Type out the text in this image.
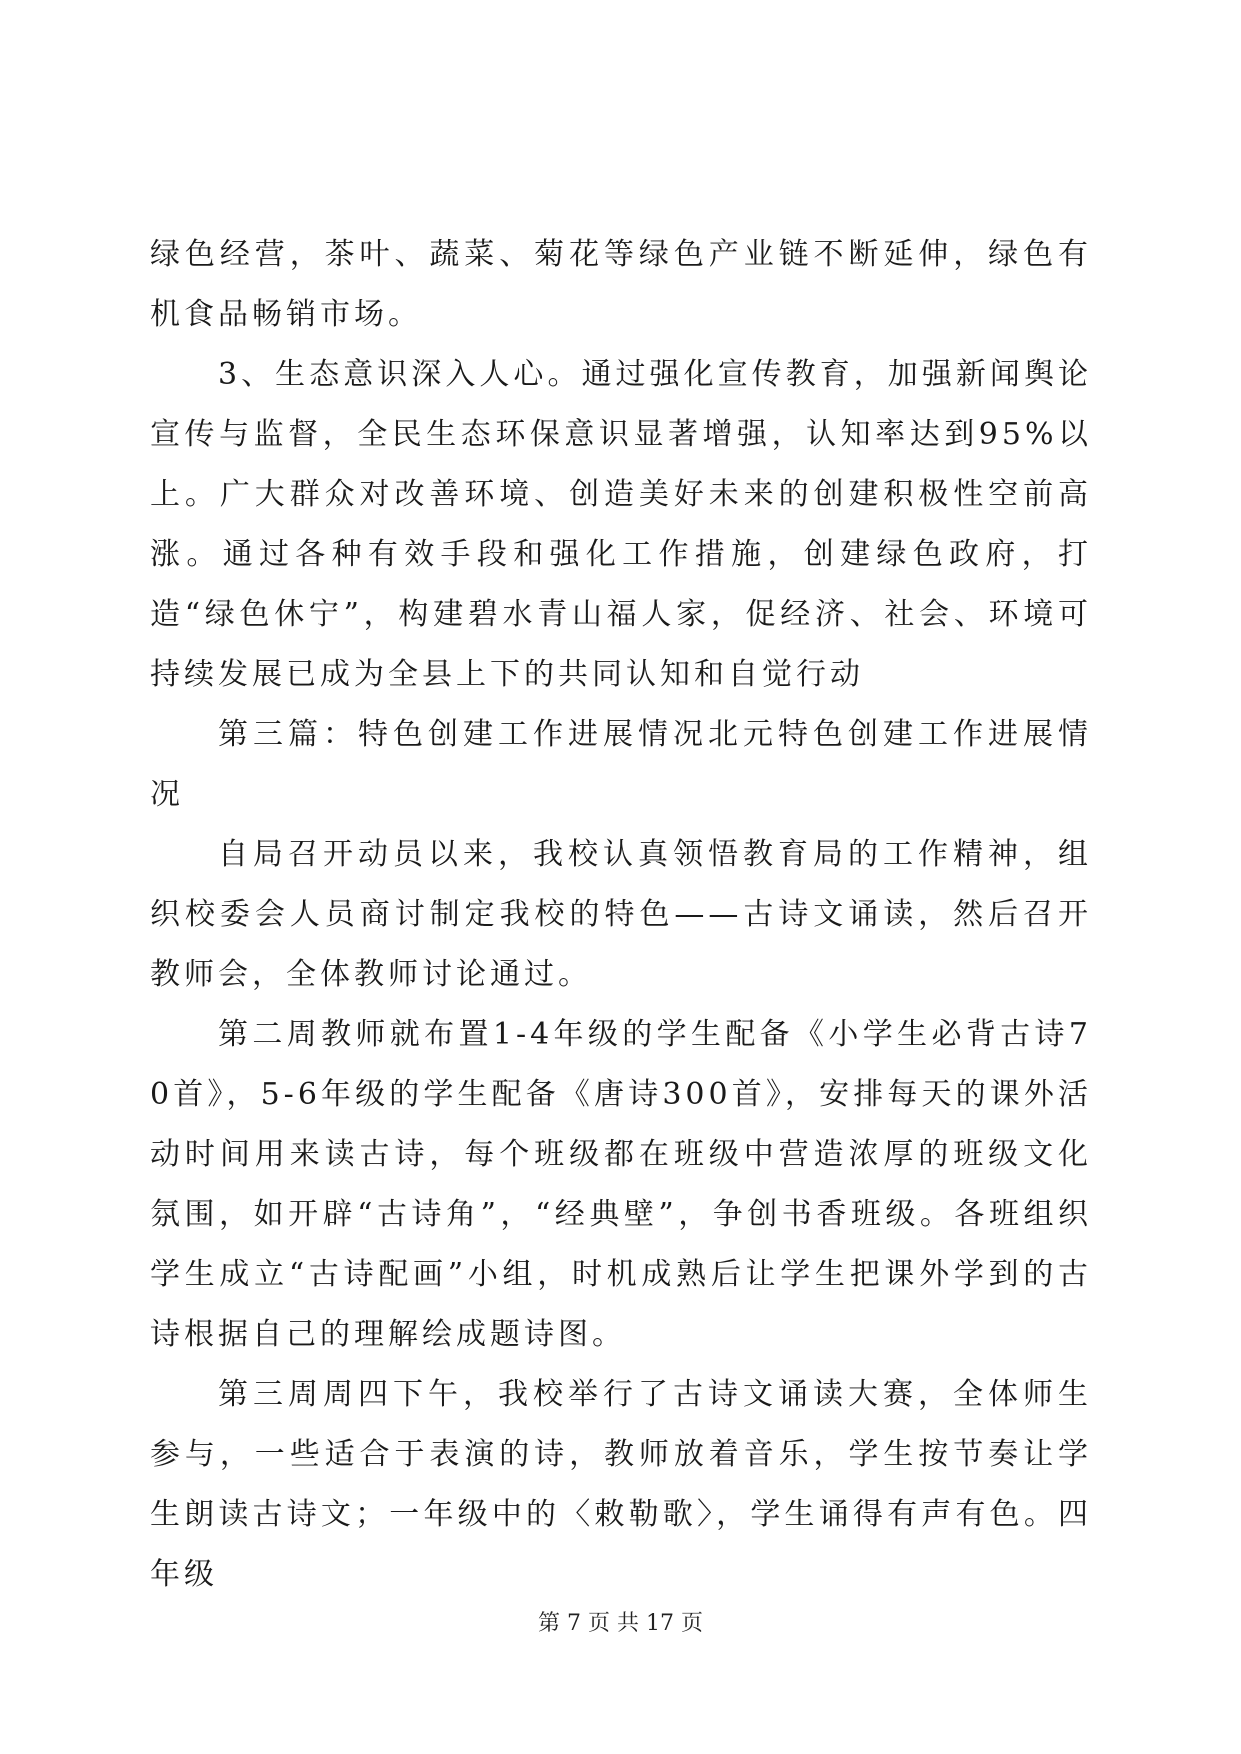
绿色经营，茶叶、蔬菜、菊花等绿色产业链不断延伸，绿色有机食品畅销市场。

3、生态意识深入人心。通过强化宣传教育，加强新闻舆论宣传与监督，全民生态环保意识显著增强，认知率达到95%以上。广大群众对改善环境、创造美好未来的创建积极性空前高涨。通过各种有效手段和强化工作措施，创建绿色政府，打造“绿色休宁”，构建碧水青山福人家，促经济、社会、环境可持续发展已成为全县上下的共同认知和自觉行动

第三篇：特色创建工作进展情况北元特色创建工作进展情况

自局召开动员以来，我校认真领悟教育局的工作精神，组织校委会人员商讨制定我校的特色——古诗文诵读，然后召开教师会，全体教师讨论通过。

第二周教师就布置1-4年级的学生配备《小学生必背古诗70首》，5-6年级的学生配备《唐诗300首》，安排每天的课外活动时间用来读古诗，每个班级都在班级中营造浓厚的班级文化氛围，如开辟“古诗角”，“经典壁”，争创书香班级。各班组织学生成立“古诗配画”小组，时机成熟后让学生把课外学到的古诗根据自己的理解绘成题诗图。

第三周周四下午，我校举行了古诗文诵读大赛，全体师生参与，一些适合于表演的诗，教师放着音乐，学生按节奏让学生朗读古诗文；一年级中的〈敕勒歌〉，学生诵得有声有色。四年级

第 7 页 共 17 页
